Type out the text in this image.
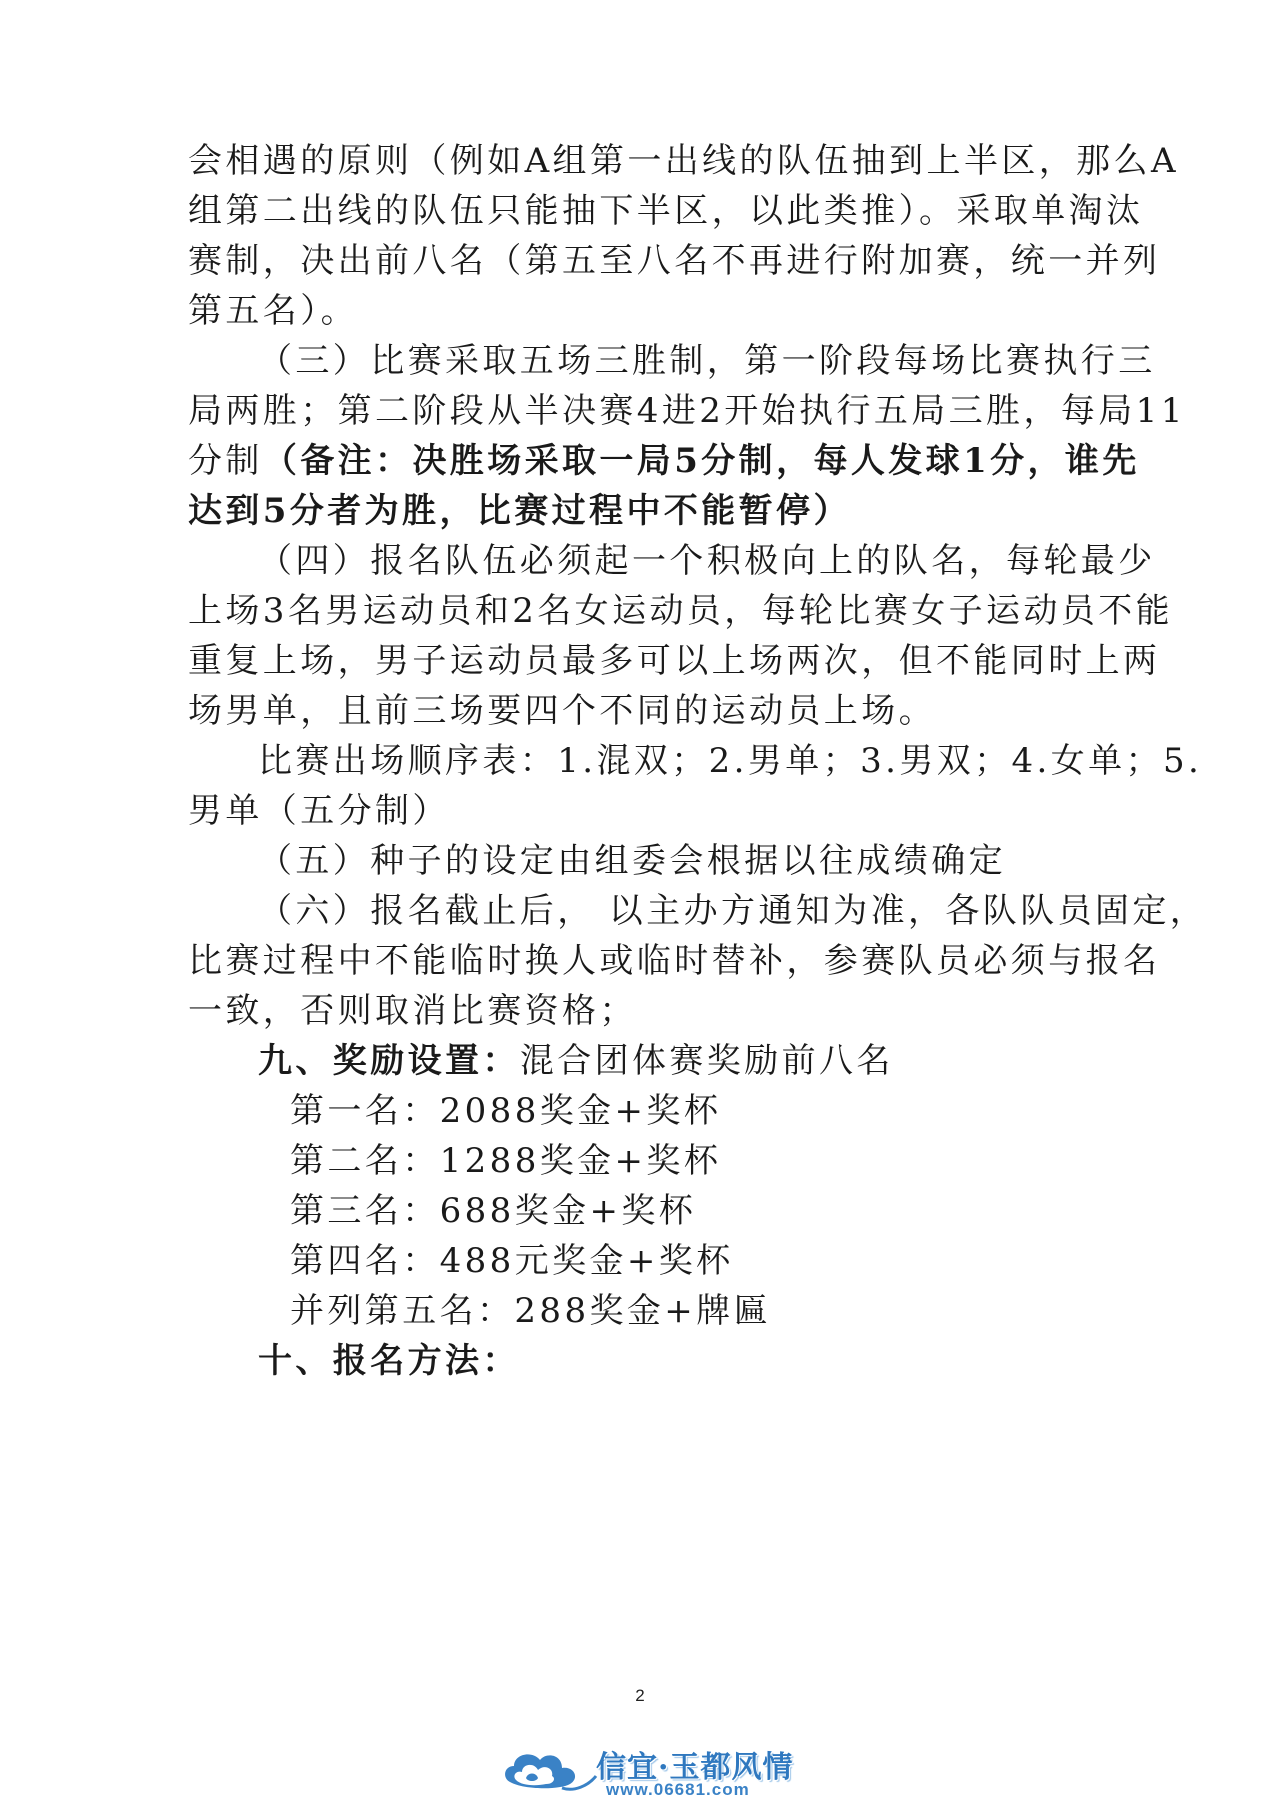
会相遇的原则（例如A组第一出线的队伍抽到上半区，那么A
组第二出线的队伍只能抽下半区，以此类推）。采取单淘汰
赛制，决出前八名（第五至八名不再进行附加赛，统一并列
第五名）。
（三）比赛采取五场三胜制，第一阶段每场比赛执行三
局两胜；第二阶段从半决赛4进2开始执行五局三胜，每局11
分制（备注：决胜场采取一局5分制，每人发球1分，谁先
达到5分者为胜，比赛过程中不能暂停）
（四）报名队伍必须起一个积极向上的队名，每轮最少
上场3名男运动员和2名女运动员，每轮比赛女子运动员不能
重复上场，男子运动员最多可以上场两次，但不能同时上两
场男单，且前三场要四个不同的运动员上场。
比赛出场顺序表：1.混双；2.男单；3.男双；4.女单；5.
男单（五分制）
（五）种子的设定由组委会根据以往成绩确定
（六）报名截止后， 以主办方通知为准，各队队员固定，
比赛过程中不能临时换人或临时替补，参赛队员必须与报名
一致，否则取消比赛资格；
九、奖励设置：混合团体赛奖励前八名
第一名：2088奖金+奖杯
第二名：1288奖金+奖杯
第三名：688奖金+奖杯
第四名：488元奖金+奖杯
并列第五名：288奖金+牌匾
十、报名方法：
2
信宜·玉都风情
www.06681.com
